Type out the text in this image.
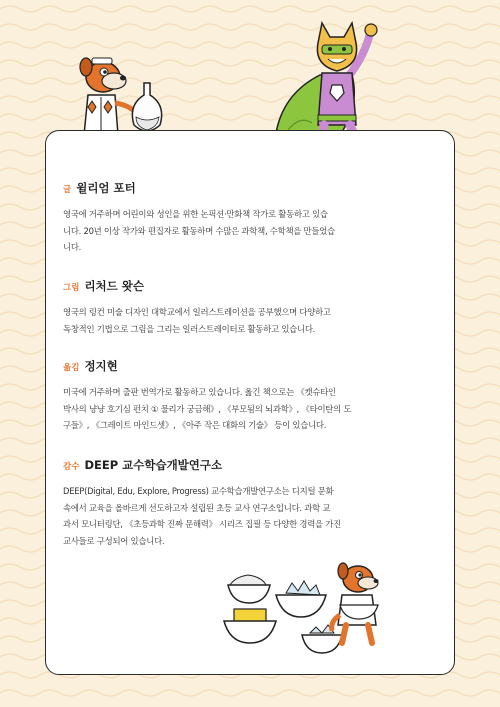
글 윌리엄 포터

영국에 거주하며 어린이와 성인을 위한 논픽션·만화책 작가로 활동하고 있습
니다. 20년 이상 작가와 편집자로 활동하며 수많은 과학책, 수학책을 만들었습
니다.

그림 리처드 왓슨

영국의 링컨 미술 디자인 대학교에서 일러스트레이션을 공부했으며 다양하고
독창적인 기법으로 그림을 그리는 일러스트레이터로 활동하고 있습니다.

옮김 정지현

미국에 거주하며 출판 번역가로 활동하고 있습니다. 옮긴 책으로는 《캣슈타인
박사의 냥냥 호기심 펀치 ① 물리가 궁금해》, 《부모됨의 뇌과학》, 《타이탄의 도
구들》, 《그레이트 마인드셋》, 《아주 작은 대화의 기술》 등이 있습니다.

감수 DEEP 교수학습개발연구소

DEEP(Digital, Edu, Explore, Progress) 교수학습개발연구소는 디지털 문화
속에서 교육을 올바르게 선도하고자 설립된 초등 교사 연구소입니다. 과학 교
과서 모니터링단, 《초등과학 진짜 문해력》 시리즈 집필 등 다양한 경력을 가진
교사들로 구성되어 있습니다.
